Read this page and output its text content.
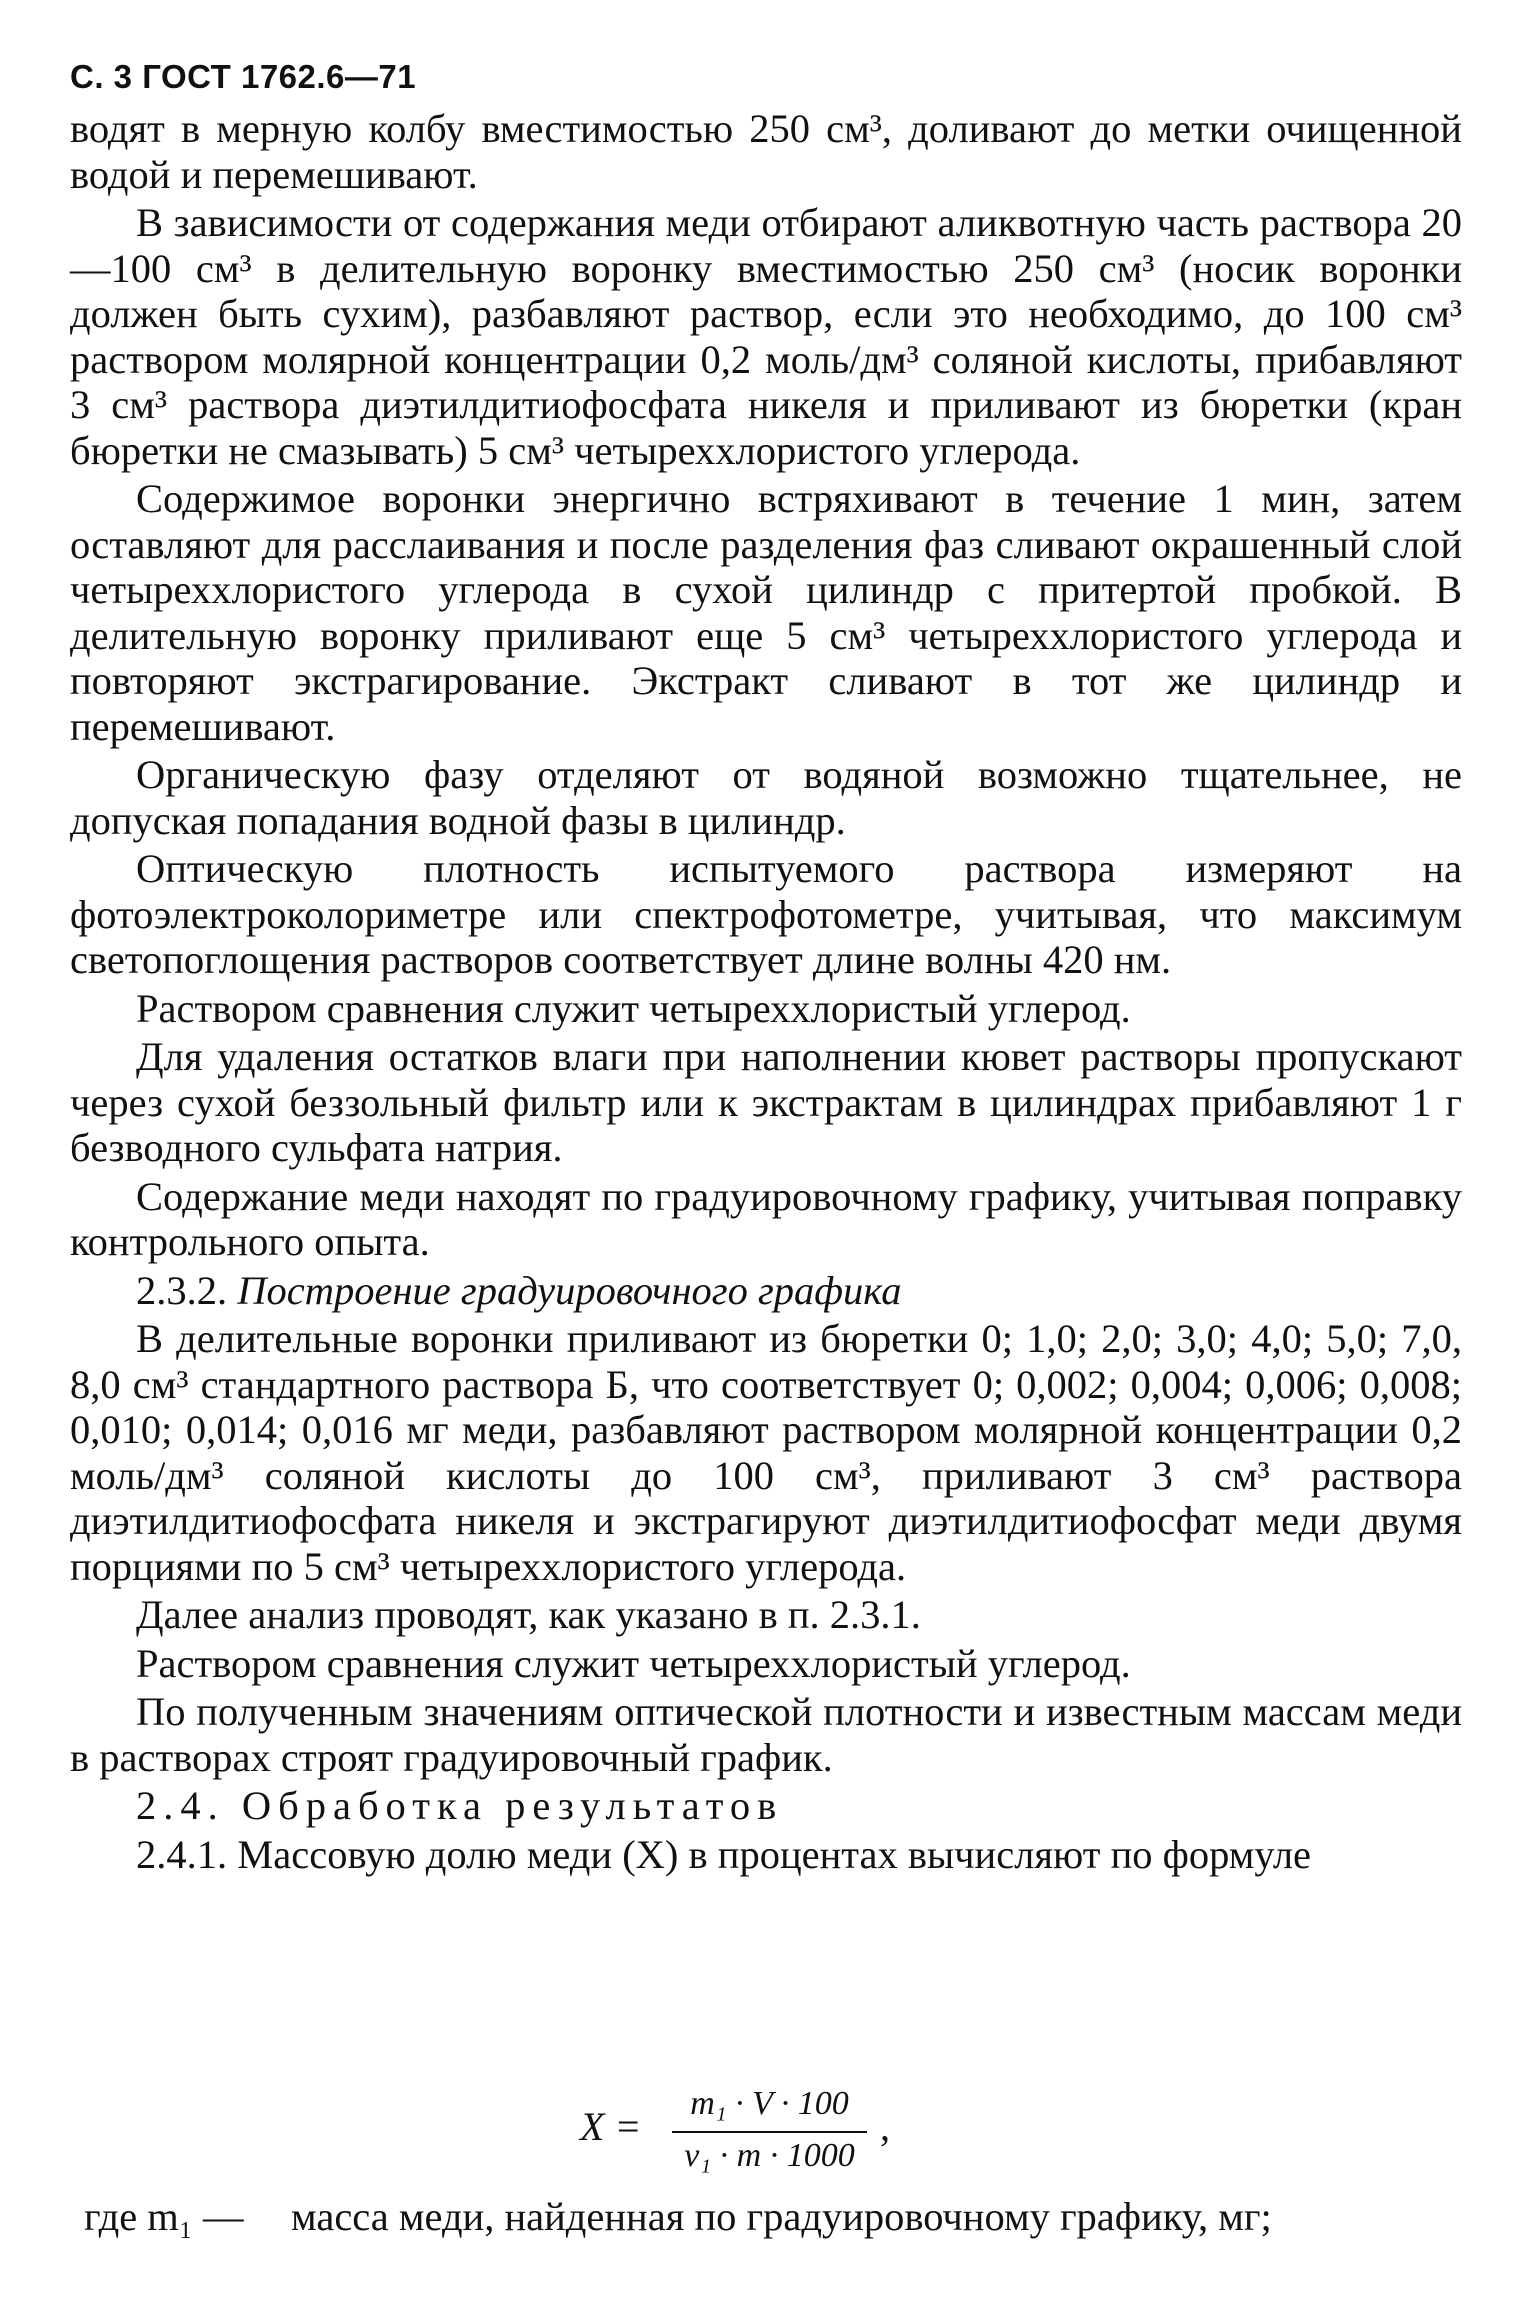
С. 3 ГОСТ 1762.6—71

водят в мерную колбу вместимостью 250 см³, доливают до метки очищенной водой и перемешивают.

В зависимости от содержания меди отбирают аликвотную часть раствора 20—100 см³ в делительную воронку вместимостью 250 см³ (носик воронки должен быть сухим), разбавляют раствор, если это необходимо, до 100 см³ раствором молярной концентрации 0,2 моль/дм³ соляной кислоты, прибавляют 3 см³ раствора диэтилдитиофосфата никеля и приливают из бюретки (кран бюретки не смазывать) 5 см³ четыреххлористого углерода.

Содержимое воронки энергично встряхивают в течение 1 мин, затем оставляют для расслаивания и после разделения фаз сливают окрашенный слой четыреххлористого углерода в сухой цилиндр с притертой пробкой. В делительную воронку приливают еще 5 см³ четыреххлористого углерода и повторяют экстрагирование. Экстракт сливают в тот же цилиндр и перемешивают.

Органическую фазу отделяют от водяной возможно тщательнее, не допуская попадания водной фазы в цилиндр.

Оптическую плотность испытуемого раствора измеряют на фотоэлектроколориметре или спектрофотометре, учитывая, что максимум светопоглощения растворов соответствует длине волны 420 нм.

Раствором сравнения служит четыреххлористый углерод.

Для удаления остатков влаги при наполнении кювет растворы пропускают через сухой беззольный фильтр или к экстрактам в цилиндрах прибавляют 1 г безводного сульфата натрия.

Содержание меди находят по градуировочному графику, учитывая поправку контрольного опыта.

2.3.2. Построение градуировочного графика

В делительные воронки приливают из бюретки 0; 1,0; 2,0; 3,0; 4,0; 5,0; 7,0, 8,0 см³ стандартного раствора Б, что соответствует 0; 0,002; 0,004; 0,006; 0,008; 0,010; 0,014; 0,016 мг меди, разбавляют раствором молярной концентрации 0,2 моль/дм³ соляной кислоты до 100 см³, приливают 3 см³ раствора диэтилдитиофосфата никеля и экстрагируют диэтилдитиофосфат меди двумя порциями по 5 см³ четыреххлористого углерода.

Далее анализ проводят, как указано в п. 2.3.1.

Раствором сравнения служит четыреххлористый углерод.

По полученным значениям оптической плотности и известным массам меди в растворах строят градуировочный график.

2.4. Обработка результатов

2.4.1. Массовую долю меди (X) в процентах вычисляют по формуле

X =
m₁ · V · 100
v₁ · m · 1000
,
где m₁ —	масса меди, найденная по градуировочному графику, мг;
